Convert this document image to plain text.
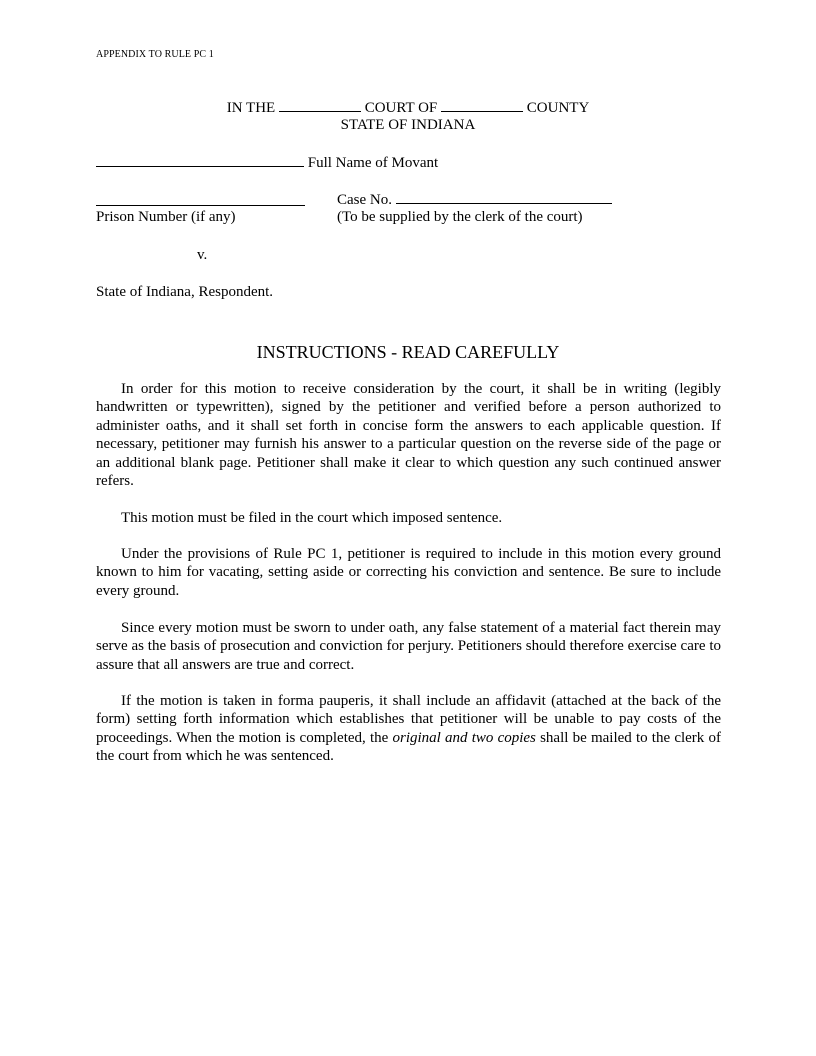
APPENDIX TO RULE PC 1
IN THE	COURT OF	COUNTY
STATE OF INDIANA
Full Name of Movant
Prison Number (if any)
Case No.
(To be supplied by the clerk of the court)
v.
State of Indiana, Respondent.
INSTRUCTIONS - READ CAREFULLY
In order for this motion to receive consideration by the court, it shall be in writing (legibly handwritten or typewritten), signed by the petitioner and verified before a person authorized to administer oaths, and it shall set forth in concise form the answers to each applicable question. If necessary, petitioner may furnish his answer to a particular question on the reverse side of the page or an additional blank page. Petitioner shall make it clear to which question any such continued answer refers.
This motion must be filed in the court which imposed sentence.
Under the provisions of Rule PC 1, petitioner is required to include in this motion every ground known to him for vacating, setting aside or correcting his conviction and sentence. Be sure to include every ground.
Since every motion must be sworn to under oath, any false statement of a material fact therein may serve as the basis of prosecution and conviction for perjury. Petitioners should therefore exercise care to assure that all answers are true and correct.
If the motion is taken in forma pauperis, it shall include an affidavit (attached at the back of the form) setting forth information which establishes that petitioner will be unable to pay costs of the proceedings. When the motion is completed, the original and two copies shall be mailed to the clerk of the court from which he was sentenced.
